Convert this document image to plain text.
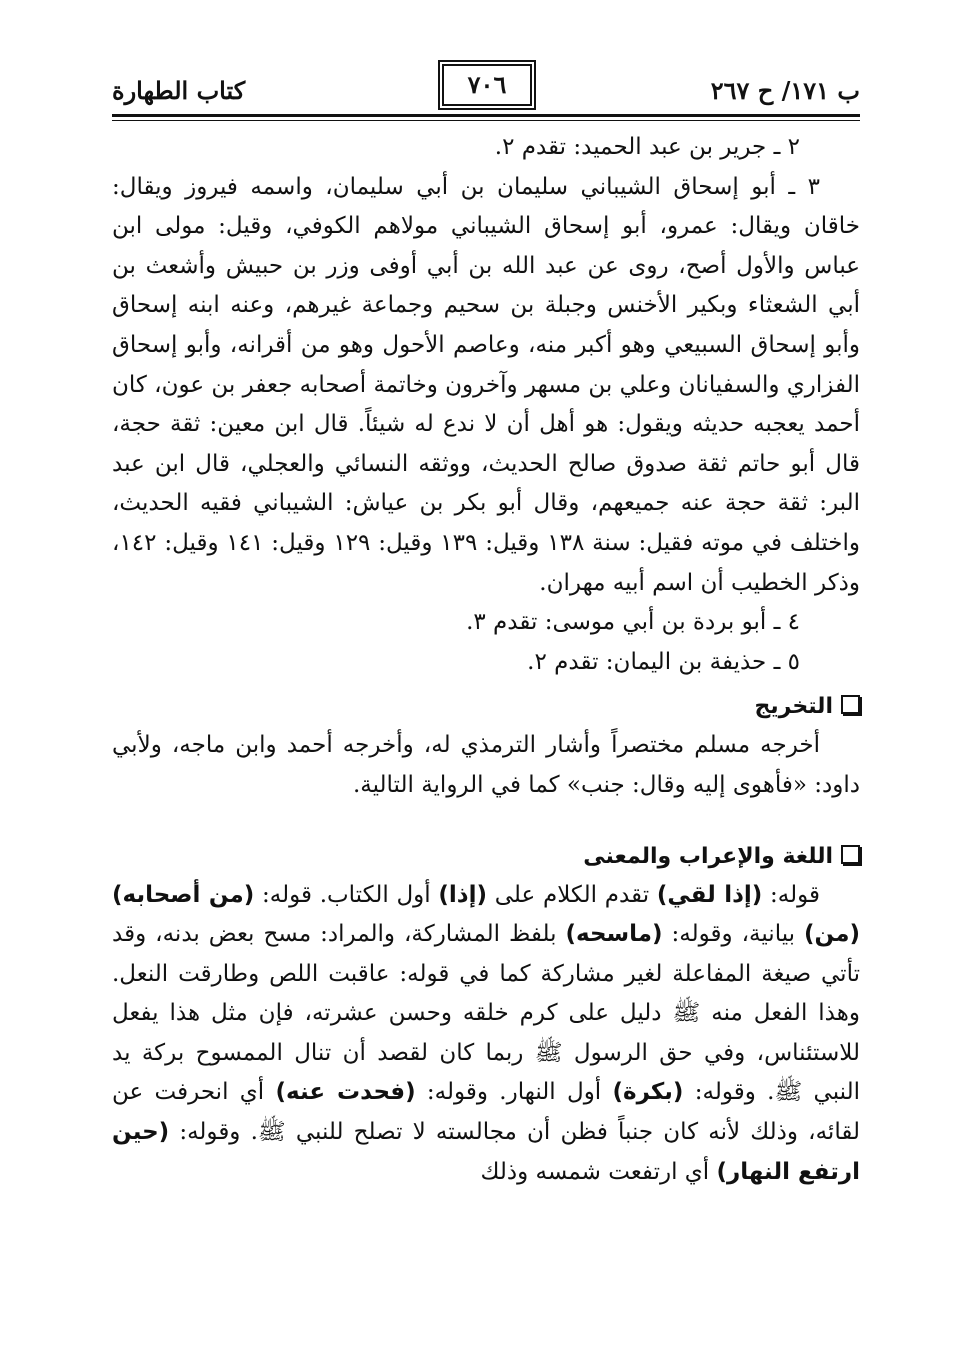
ب ١٧١/ ح ٢٦٧
٧٠٦
كتاب الطهارة

٢ ـ جرير بن عبد الحميد: تقدم ٢.

٣ ـ أبو إسحاق الشيباني سليمان بن أبي سليمان، واسمه فيروز ويقال: خاقان ويقال: عمرو، أبو إسحاق الشيباني مولاهم الكوفي، وقيل: مولى ابن عباس والأول أصح، روى عن عبد الله بن أبي أوفى وزر بن حبيش وأشعث بن أبي الشعثاء وبكير الأخنس وجبلة بن سحيم وجماعة غيرهم، وعنه ابنه إسحاق وأبو إسحاق السبيعي وهو أكبر منه، وعاصم الأحول وهو من أقرانه، وأبو إسحاق الفزاري والسفيانان وعلي بن مسهر وآخرون وخاتمة أصحابه جعفر بن عون، كان أحمد يعجبه حديثه ويقول: هو أهل أن لا ندع له شيئاً. قال ابن معين: ثقة حجة، قال أبو حاتم ثقة صدوق صالح الحديث، ووثقه النسائي والعجلي، قال ابن عبد البر: ثقة حجة عنه جميعهم، وقال أبو بكر بن عياش: الشيباني فقيه الحديث، واختلف في موته فقيل: سنة ١٣٨ وقيل: ١٣٩ وقيل: ١٢٩ وقيل: ١٤١ وقيل: ١٤٢، وذكر الخطيب أن اسم أبيه مهران.

٤ ـ أبو بردة بن أبي موسى: تقدم ٣.

٥ ـ حذيفة بن اليمان: تقدم ٢.

التخريج

أخرجه مسلم مختصراً وأشار الترمذي له، وأخرجه أحمد وابن ماجه، ولأبي داود: «فأهوى إليه وقال: جنب» كما في الرواية التالية.

اللغة والإعراب والمعنى

قوله: (إذا لقي) تقدم الكلام على (إذا) أول الكتاب. قوله: (من أصحابه) (من) بيانية، وقوله: (ماسحه) بلفظ المشاركة، والمراد: مسح بعض بدنه، وقد تأتي صيغة المفاعلة لغير مشاركة كما في قوله: عاقبت اللص وطارقت النعل. وهذا الفعل منه ﷺ دليل على كرم خلقه وحسن عشرته، فإن مثل هذا يفعل للاستئناس، وفي حق الرسول ﷺ ربما كان لقصد أن تنال الممسوح بركة يد النبي ﷺ. وقوله: (بكرة) أول النهار. وقوله: (فحدت عنه) أي انحرفت عن لقائه، وذلك لأنه كان جنباً فظن أن مجالسته لا تصلح للنبي ﷺ. وقوله: (حين ارتفع النهار) أي ارتفعت شمسه وذلك
